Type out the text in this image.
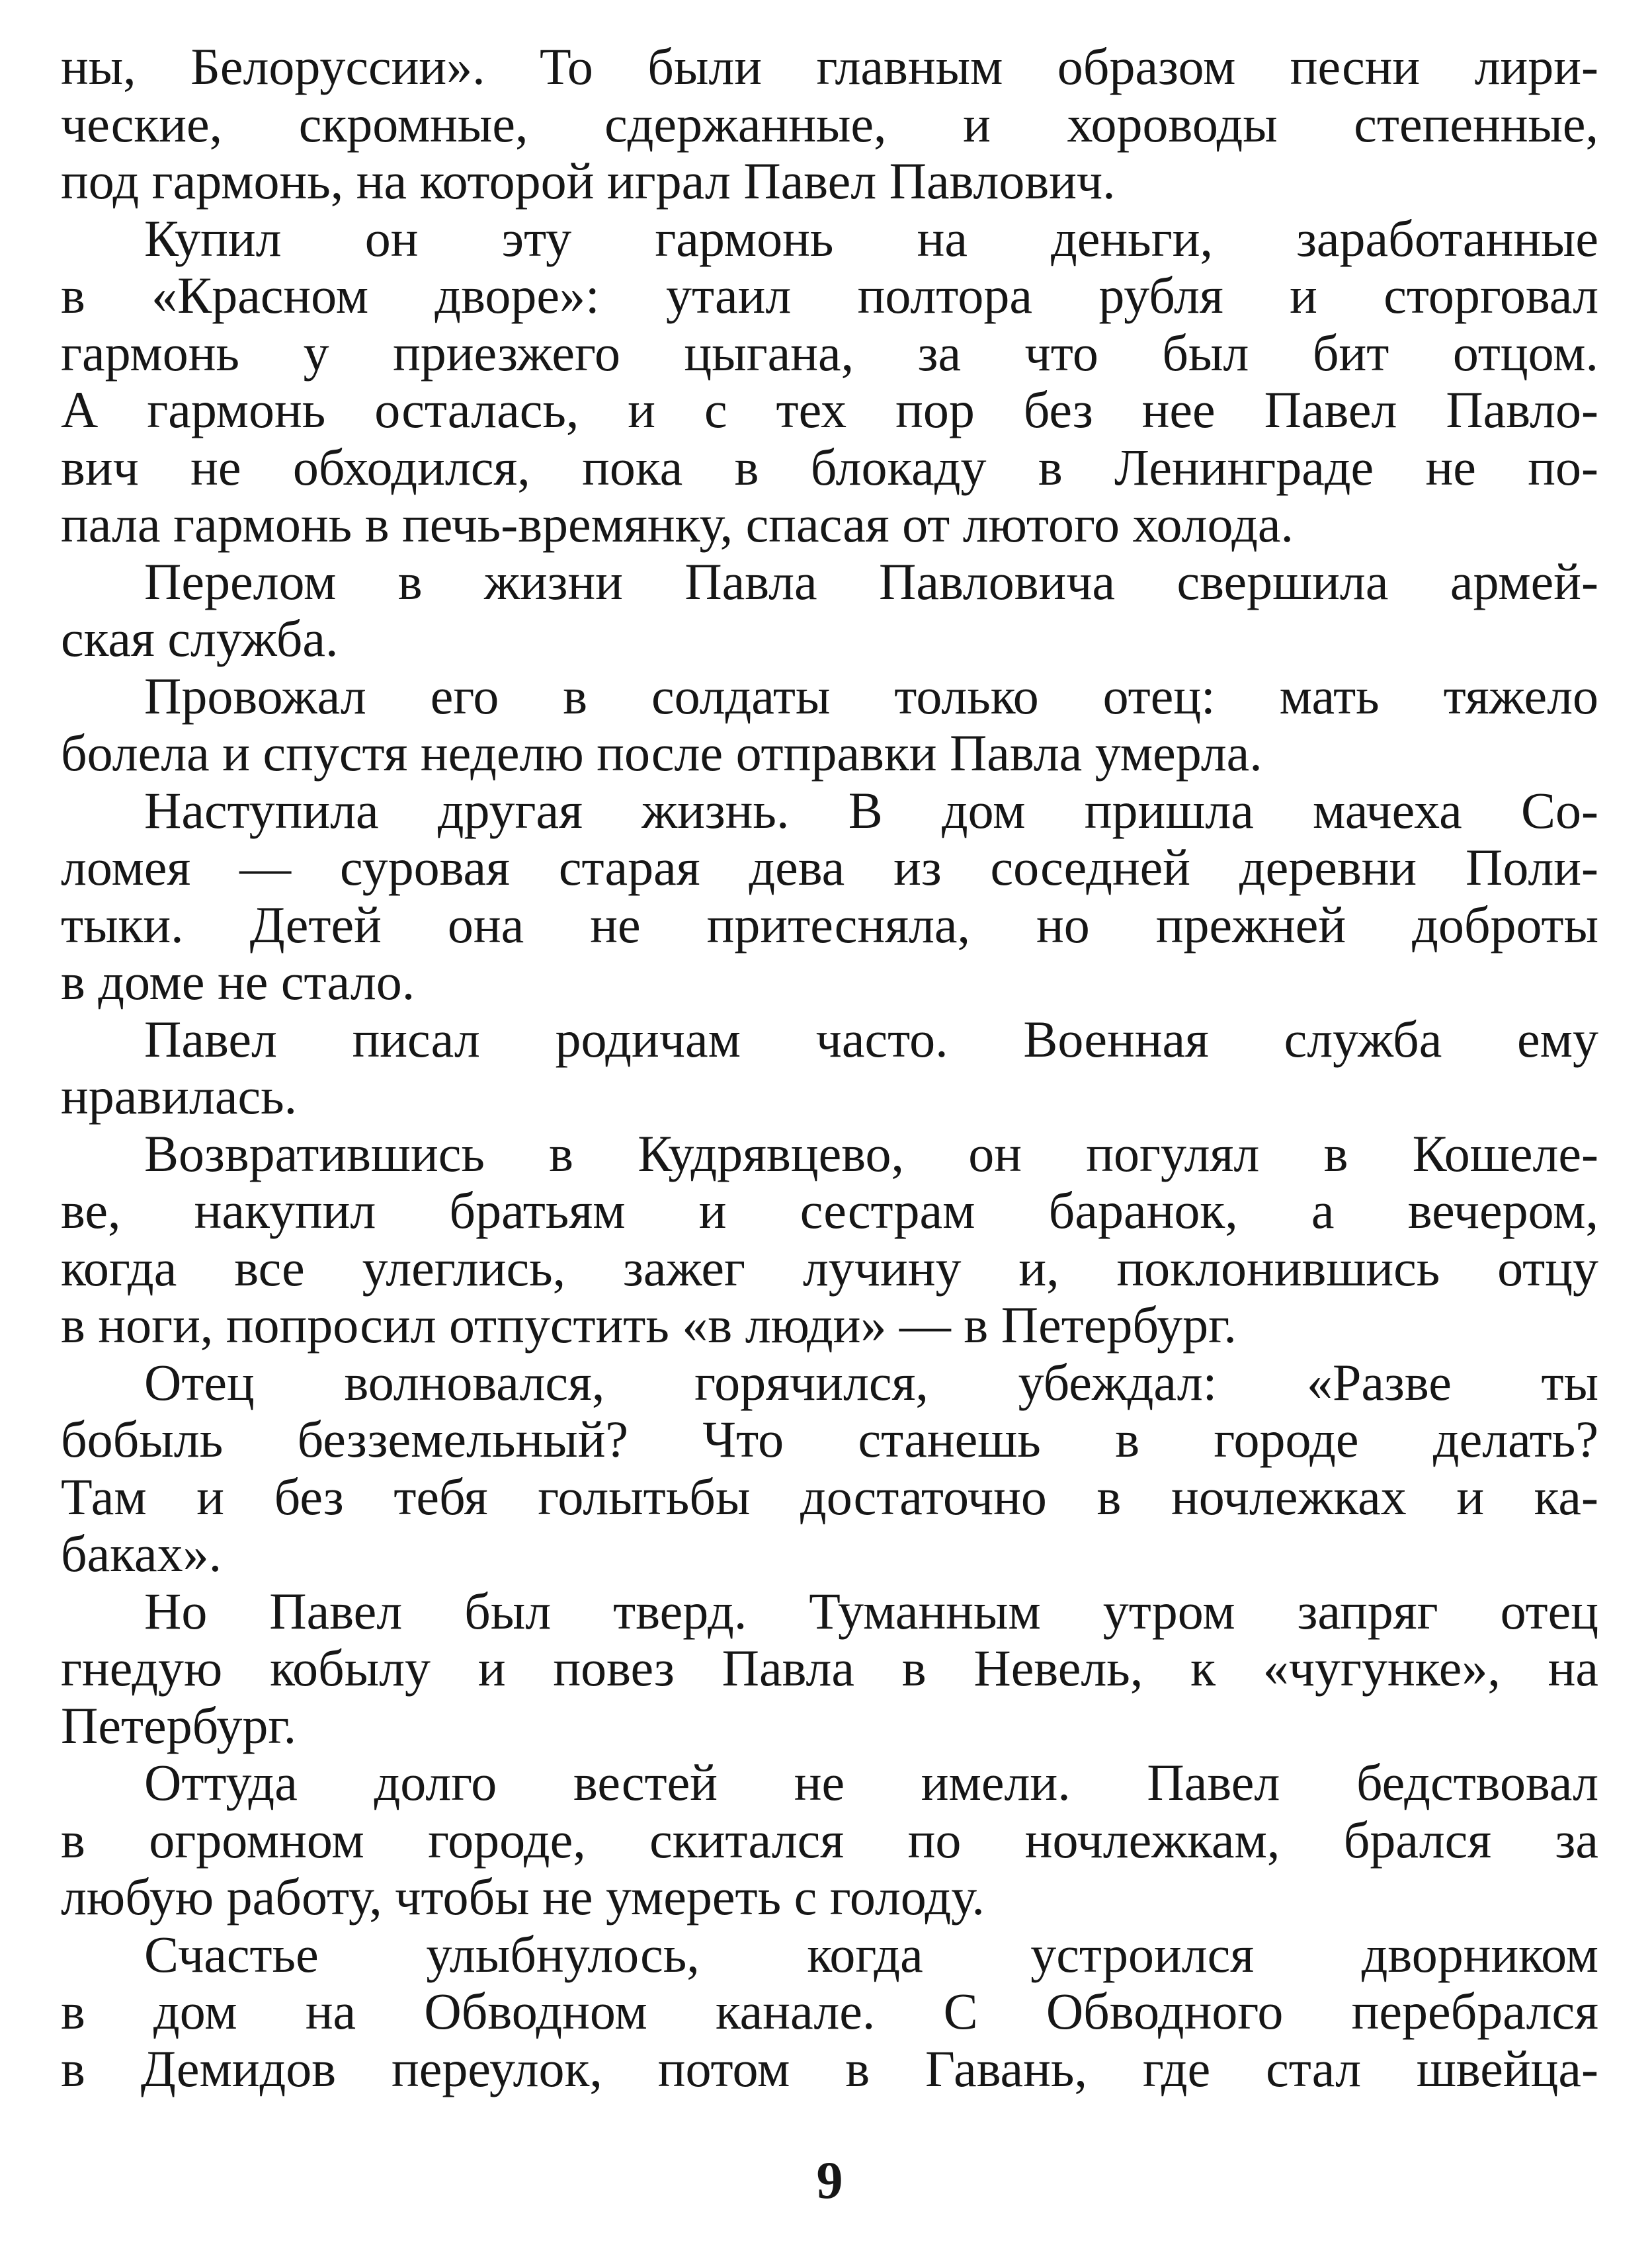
ны, Белоруссии». То были главным образом песни лири-
ческие, скромные, сдержанные, и хороводы степенные,
под гармонь, на которой играл Павел Павлович.

Купил он эту гармонь на деньги, заработанные
в «Красном дворе»: утаил полтора рубля и сторговал
гармонь у приезжего цыгана, за что был бит отцом.
А гармонь осталась, и с тех пор без нее Павел Павло-
вич не обходился, пока в блокаду в Ленинграде не по-
пала гармонь в печь-времянку, спасая от лютого холода.

Перелом в жизни Павла Павловича свершила армей-
ская служба.

Провожал его в солдаты только отец: мать тяжело
болела и спустя неделю после отправки Павла умерла.

Наступила другая жизнь. В дом пришла мачеха Со-
ломея — суровая старая дева из соседней деревни Поли-
тыки. Детей она не притесняла, но прежней доброты
в доме не стало.

Павел писал родичам часто. Военная служба ему
нравилась.

Возвратившись в Кудрявцево, он погулял в Кошеле-
ве, накупил братьям и сестрам баранок, а вечером,
когда все улеглись, зажег лучину и, поклонившись отцу
в ноги, попросил отпустить «в люди» — в Петербург.

Отец волновался, горячился, убеждал: «Разве ты
бобыль безземельный? Что станешь в городе делать?
Там и без тебя голытьбы достаточно в ночлежках и ка-
баках».

Но Павел был тверд. Туманным утром запряг отец
гнедую кобылу и повез Павла в Невель, к «чугунке», на
Петербург.

Оттуда долго вестей не имели. Павел бедствовал
в огромном городе, скитался по ночлежкам, брался за
любую работу, чтобы не умереть с голоду.

Счастье улыбнулось, когда устроился дворником
в дом на Обводном канале. С Обводного перебрался
в Демидов переулок, потом в Гавань, где стал швейца-

9
